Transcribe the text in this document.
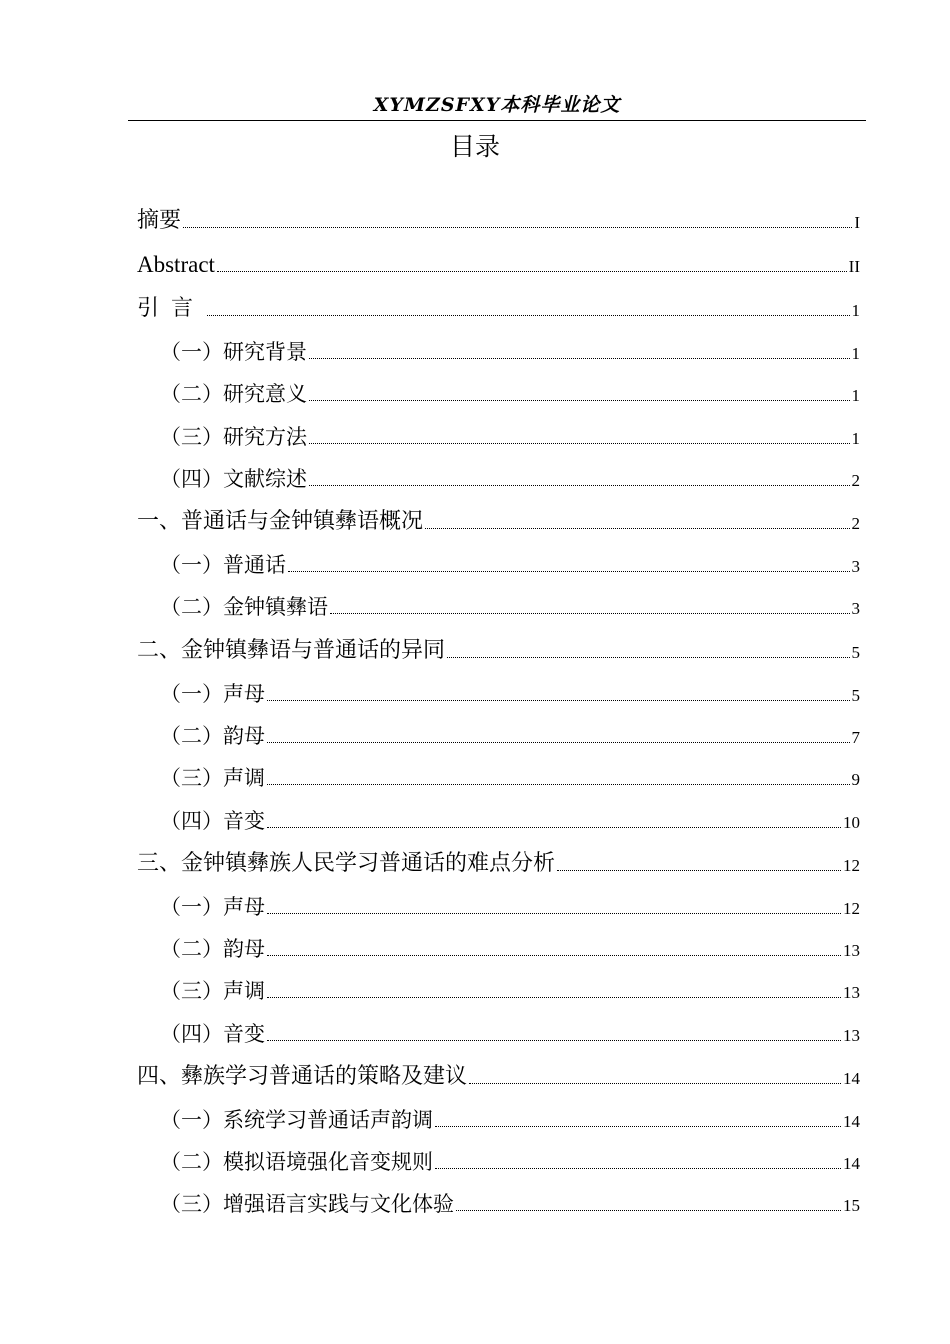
XYMZSFXY本科毕业论文
目录
摘要	I
Abstract	II
引言	1
（一）研究背景	1
（二）研究意义	1
（三）研究方法	1
（四）文献综述	2
一、普通话与金钟镇彝语概况	2
（一）普通话	3
（二）金钟镇彝语	3
二、金钟镇彝语与普通话的异同	5
（一）声母	5
（二）韵母	7
（三）声调	9
（四）音变	10
三、金钟镇彝族人民学习普通话的难点分析	12
（一）声母	12
（二）韵母	13
（三）声调	13
（四）音变	13
四、彝族学习普通话的策略及建议	14
（一）系统学习普通话声韵调	14
（二）模拟语境强化音变规则	14
（三）增强语言实践与文化体验	15
